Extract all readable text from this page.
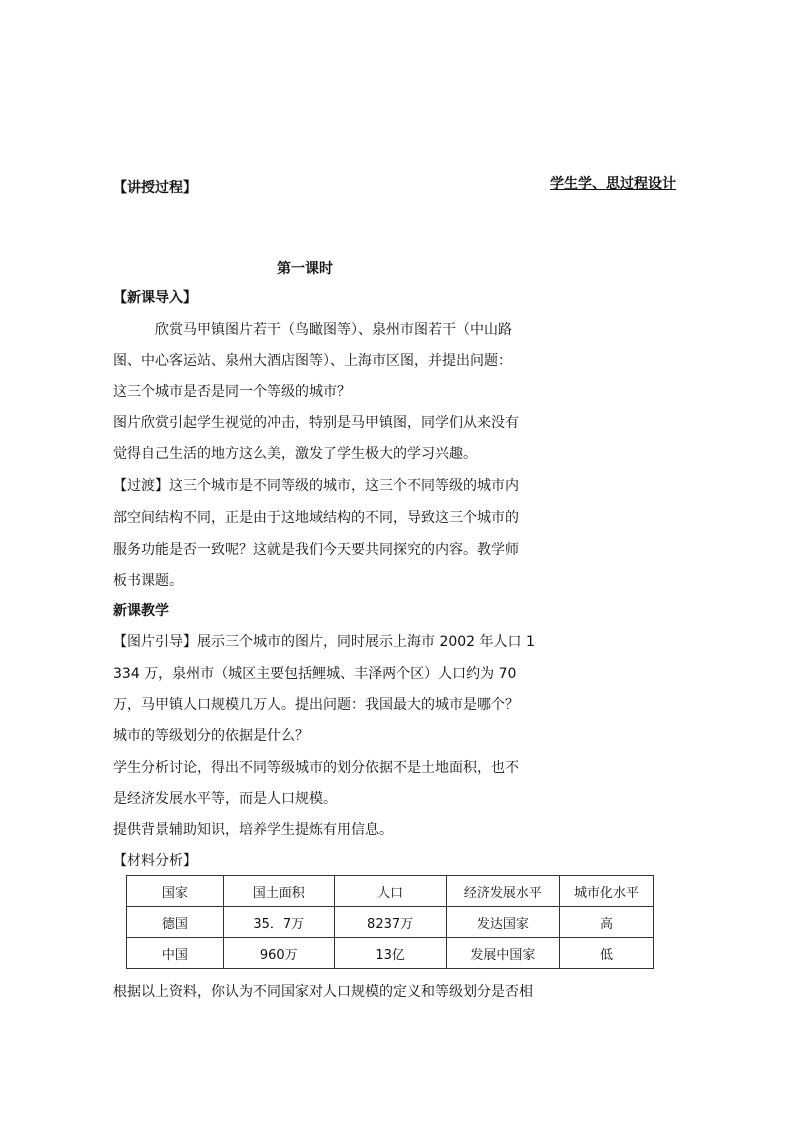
【讲授过程】	学生学、思过程设计
第一课时
【新课导入】
欣赏马甲镇图片若干（鸟瞰图等）、泉州市图若干（中山路
图、中心客运站、泉州大酒店图等）、上海市区图，并提出问题：
这三个城市是否是同一个等级的城市？
图片欣赏引起学生视觉的冲击，特别是马甲镇图，同学们从来没有
觉得自己生活的地方这么美，激发了学生极大的学习兴趣。
【过渡】这三个城市是不同等级的城市，这三个不同等级的城市内
部空间结构不同，正是由于这地域结构的不同，导致这三个城市的
服务功能是否一致呢？这就是我们今天要共同探究的内容。教学师
板书课题。
新课教学
【图片引导】展示三个城市的图片，同时展示上海市 2002 年人口 1
334 万，泉州市（城区主要包括鲤城、丰泽两个区）人口约为 70
万，马甲镇人口规模几万人。提出问题：我国最大的城市是哪个？
城市的等级划分的依据是什么？
学生分析讨论，得出不同等级城市的划分依据不是土地面积，也不
是经济发展水平等，而是人口规模。
提供背景辅助知识，培养学生提炼有用信息。
【材料分析】
国家	国土面积	人口	经济发展水平	城市化水平
德国	35．7万	8237万	发达国家	高
中国	960万	13亿	发展中国家	低
根据以上资料，你认为不同国家对人口规模的定义和等级划分是否相
